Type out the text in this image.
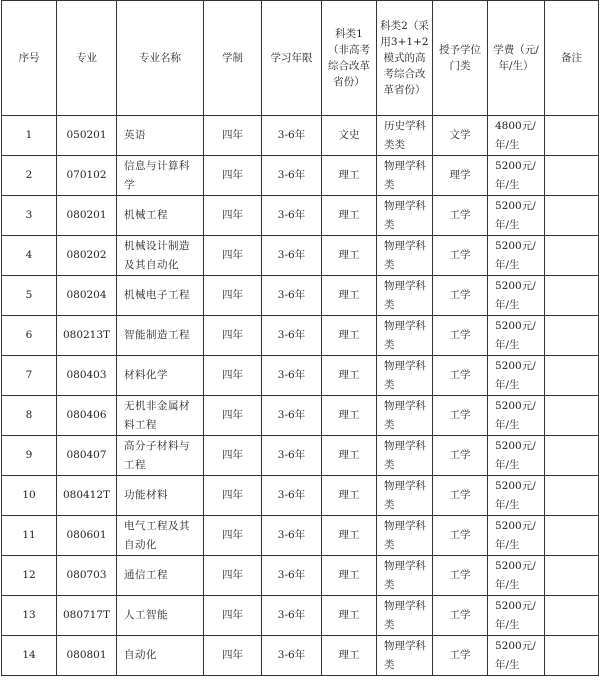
序号	专业	专业名称	学制	学习年限	科类1（非高考综合改革省份）	科类2（采用3+1+2模式的高考综合改革省份）	授予学位门类	学费（元/年/生）	备注
1	050201	英语	四年	3-6年	文史	历史学科类类	文学	4800元/年/生	
2	070102	信息与计算科学	四年	3-6年	理工	物理学科类	理学	5200元/年/生	
3	080201	机械工程	四年	3-6年	理工	物理学科类	工学	5200元/年/生	
4	080202	机械设计制造及其自动化	四年	3-6年	理工	物理学科类	工学	5200元/年/生	
5	080204	机械电子工程	四年	3-6年	理工	物理学科类	工学	5200元/年/生	
6	080213T	智能制造工程	四年	3-6年	理工	物理学科类	工学	5200元/年/生	
7	080403	材料化学	四年	3-6年	理工	物理学科类	工学	5200元/年/生	
8	080406	无机非金属材料工程	四年	3-6年	理工	物理学科类	工学	5200元/年/生	
9	080407	高分子材料与工程	四年	3-6年	理工	物理学科类	工学	5200元/年/生	
10	080412T	功能材料	四年	3-6年	理工	物理学科类	工学	5200元/年/生	
11	080601	电气工程及其自动化	四年	3-6年	理工	物理学科类	工学	5200元/年/生	
12	080703	通信工程	四年	3-6年	理工	物理学科类	工学	5200元/年/生	
13	080717T	人工智能	四年	3-6年	理工	物理学科类	工学	5200元/年/生	
14	080801	自动化	四年	3-6年	理工	物理学科类	工学	5200元/年/生	
